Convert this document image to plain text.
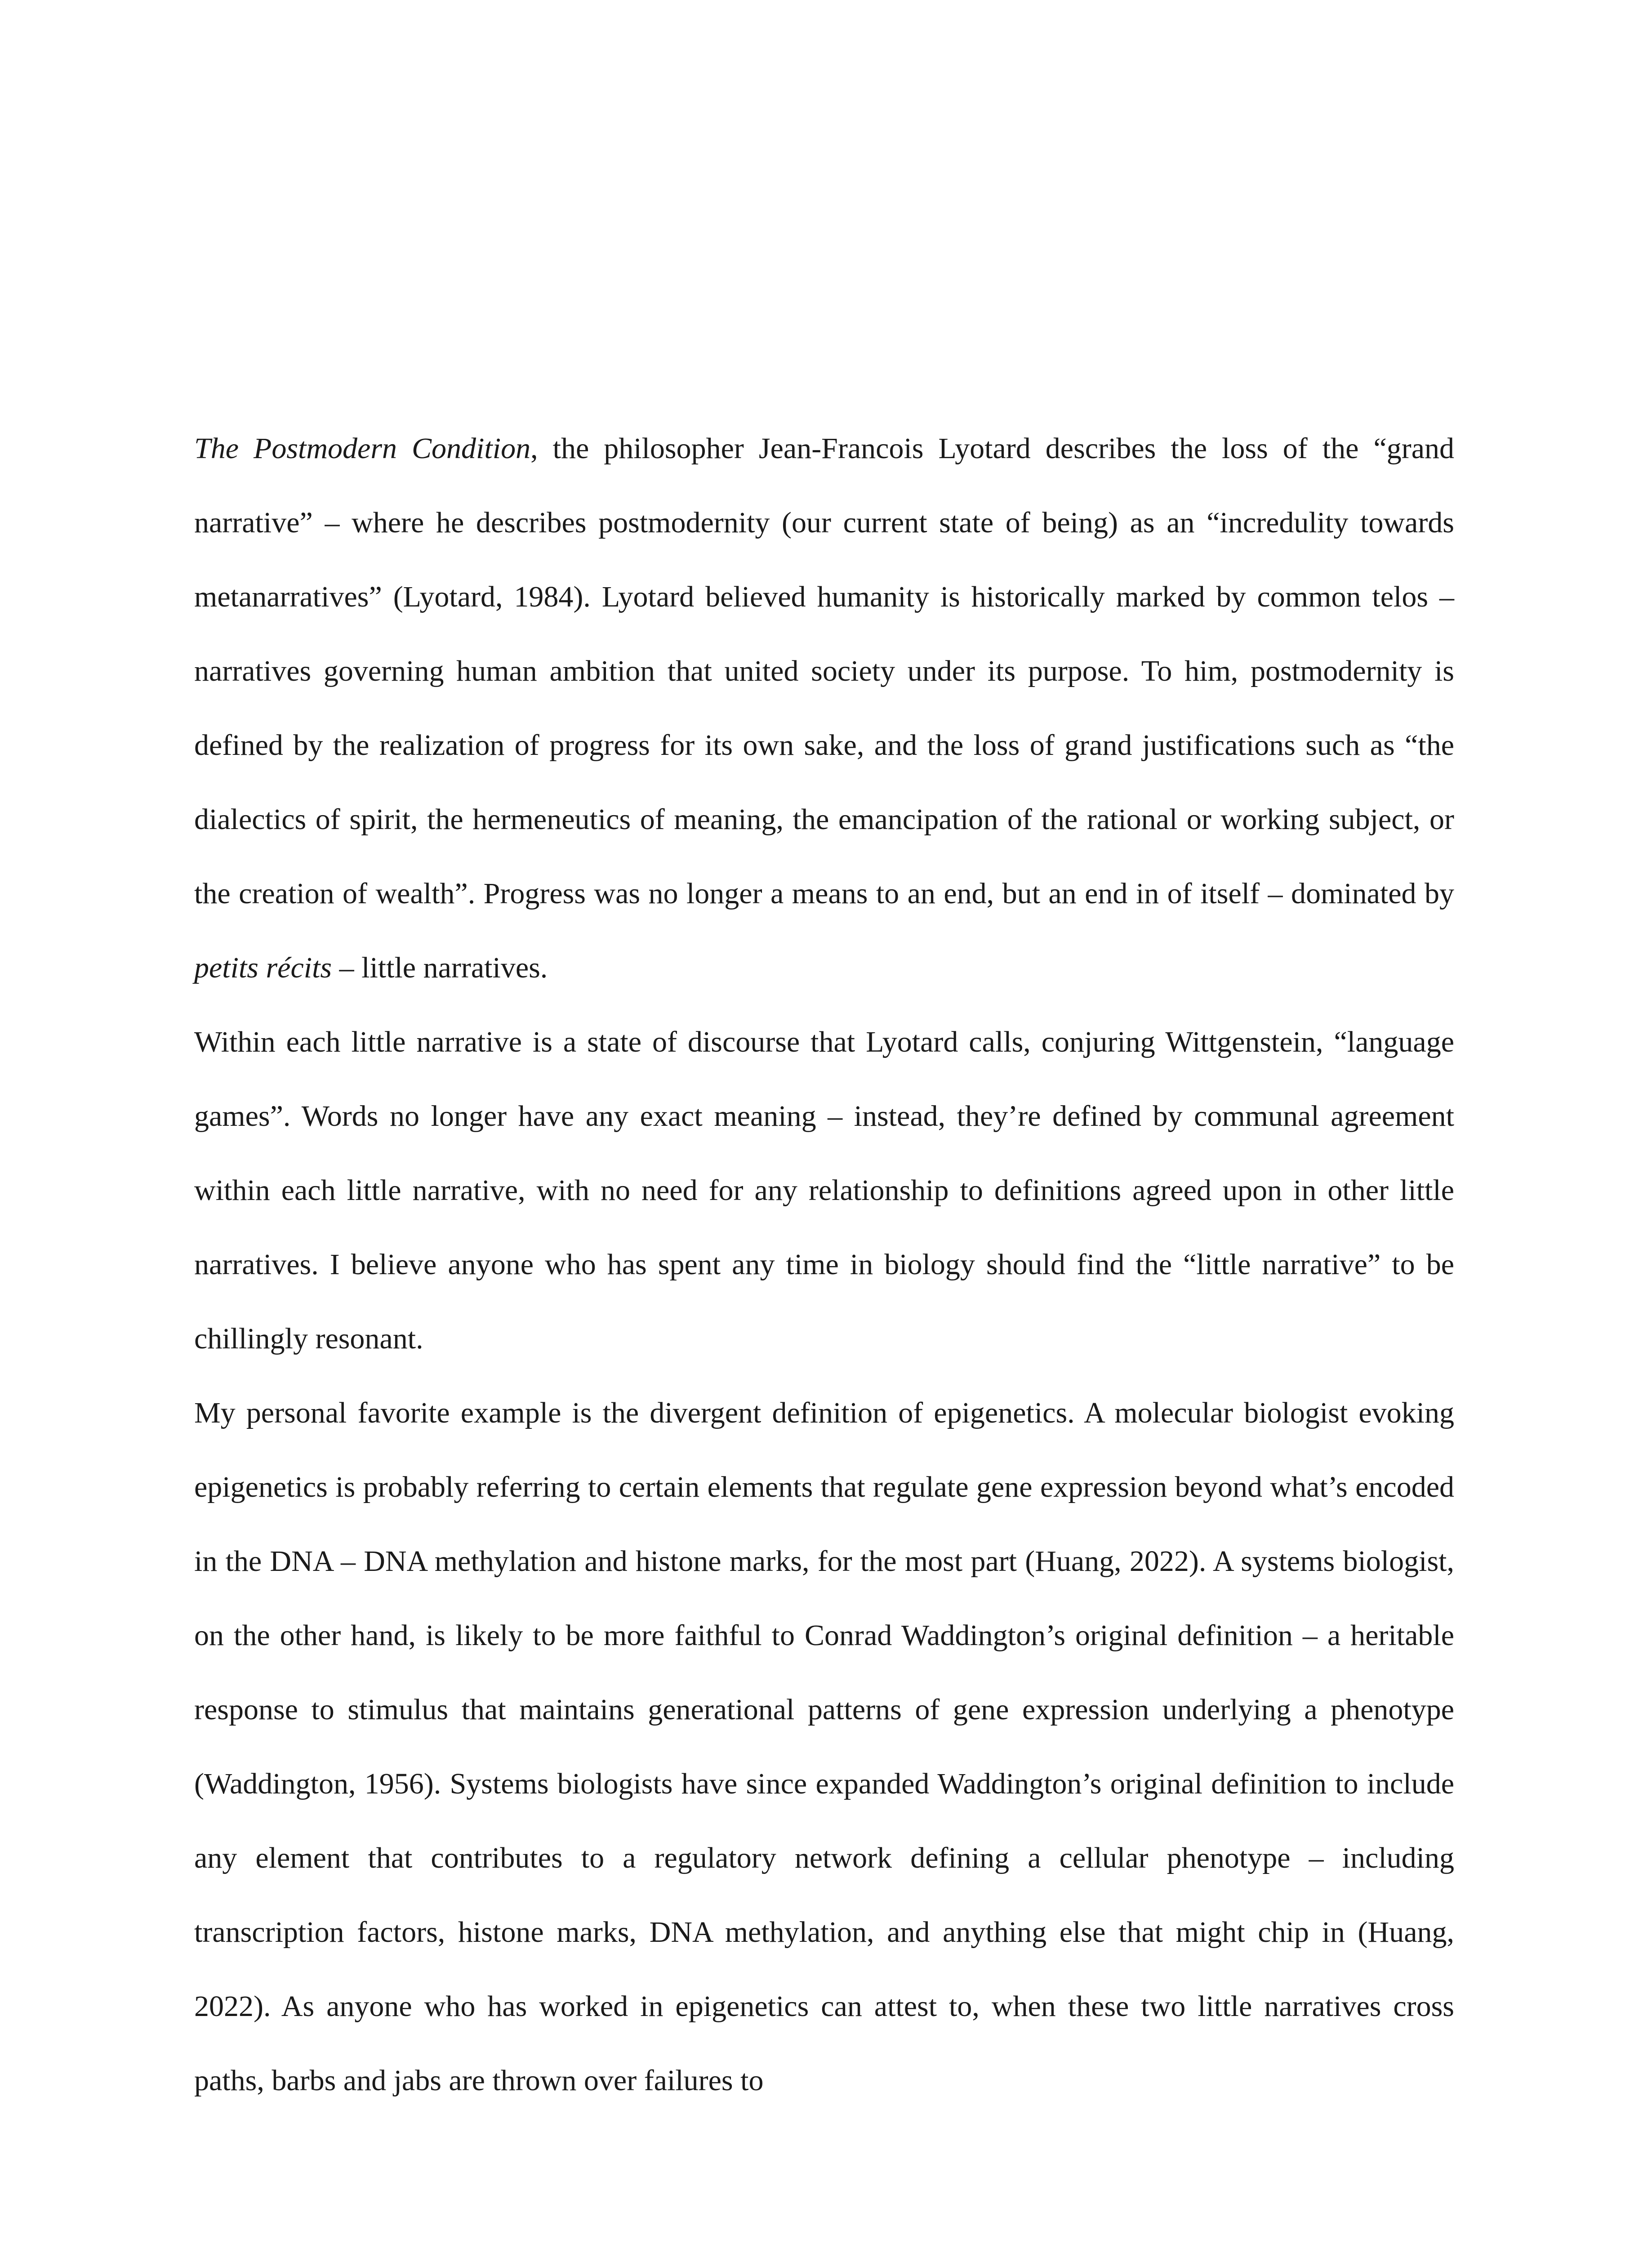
The Postmodern Condition, the philosopher Jean-Francois Lyotard describes the loss of the “grand narrative” – where he describes postmodernity (our current state of being) as an “incredulity towards metanarratives” (Lyotard, 1984). Lyotard believed humanity is historically marked by common telos – narratives governing human ambition that united society under its purpose. To him, postmodernity is defined by the realization of progress for its own sake, and the loss of grand justifications such as “the dialectics of spirit, the hermeneutics of meaning, the emancipation of the rational or working subject, or the creation of wealth”. Progress was no longer a means to an end, but an end in of itself – dominated by petits récits – little narratives.

Within each little narrative is a state of discourse that Lyotard calls, conjuring Wittgenstein, “language games”. Words no longer have any exact meaning – instead, they’re defined by communal agreement within each little narrative, with no need for any relationship to definitions agreed upon in other little narratives. I believe anyone who has spent any time in biology should find the “little narrative” to be chillingly resonant.

My personal favorite example is the divergent definition of epigenetics. A molecular biologist evoking epigenetics is probably referring to certain elements that regulate gene expression beyond what’s encoded in the DNA – DNA methylation and histone marks, for the most part (Huang, 2022). A systems biologist, on the other hand, is likely to be more faithful to Conrad Waddington’s original definition – a heritable response to stimulus that maintains generational patterns of gene expression underlying a phenotype (Waddington, 1956). Systems biologists have since expanded Waddington’s original definition to include any element that contributes to a regulatory network defining a cellular phenotype – including transcription factors, histone marks, DNA methylation, and anything else that might chip in (Huang, 2022). As anyone who has worked in epigenetics can attest to, when these two little narratives cross paths, barbs and jabs are thrown over failures to
